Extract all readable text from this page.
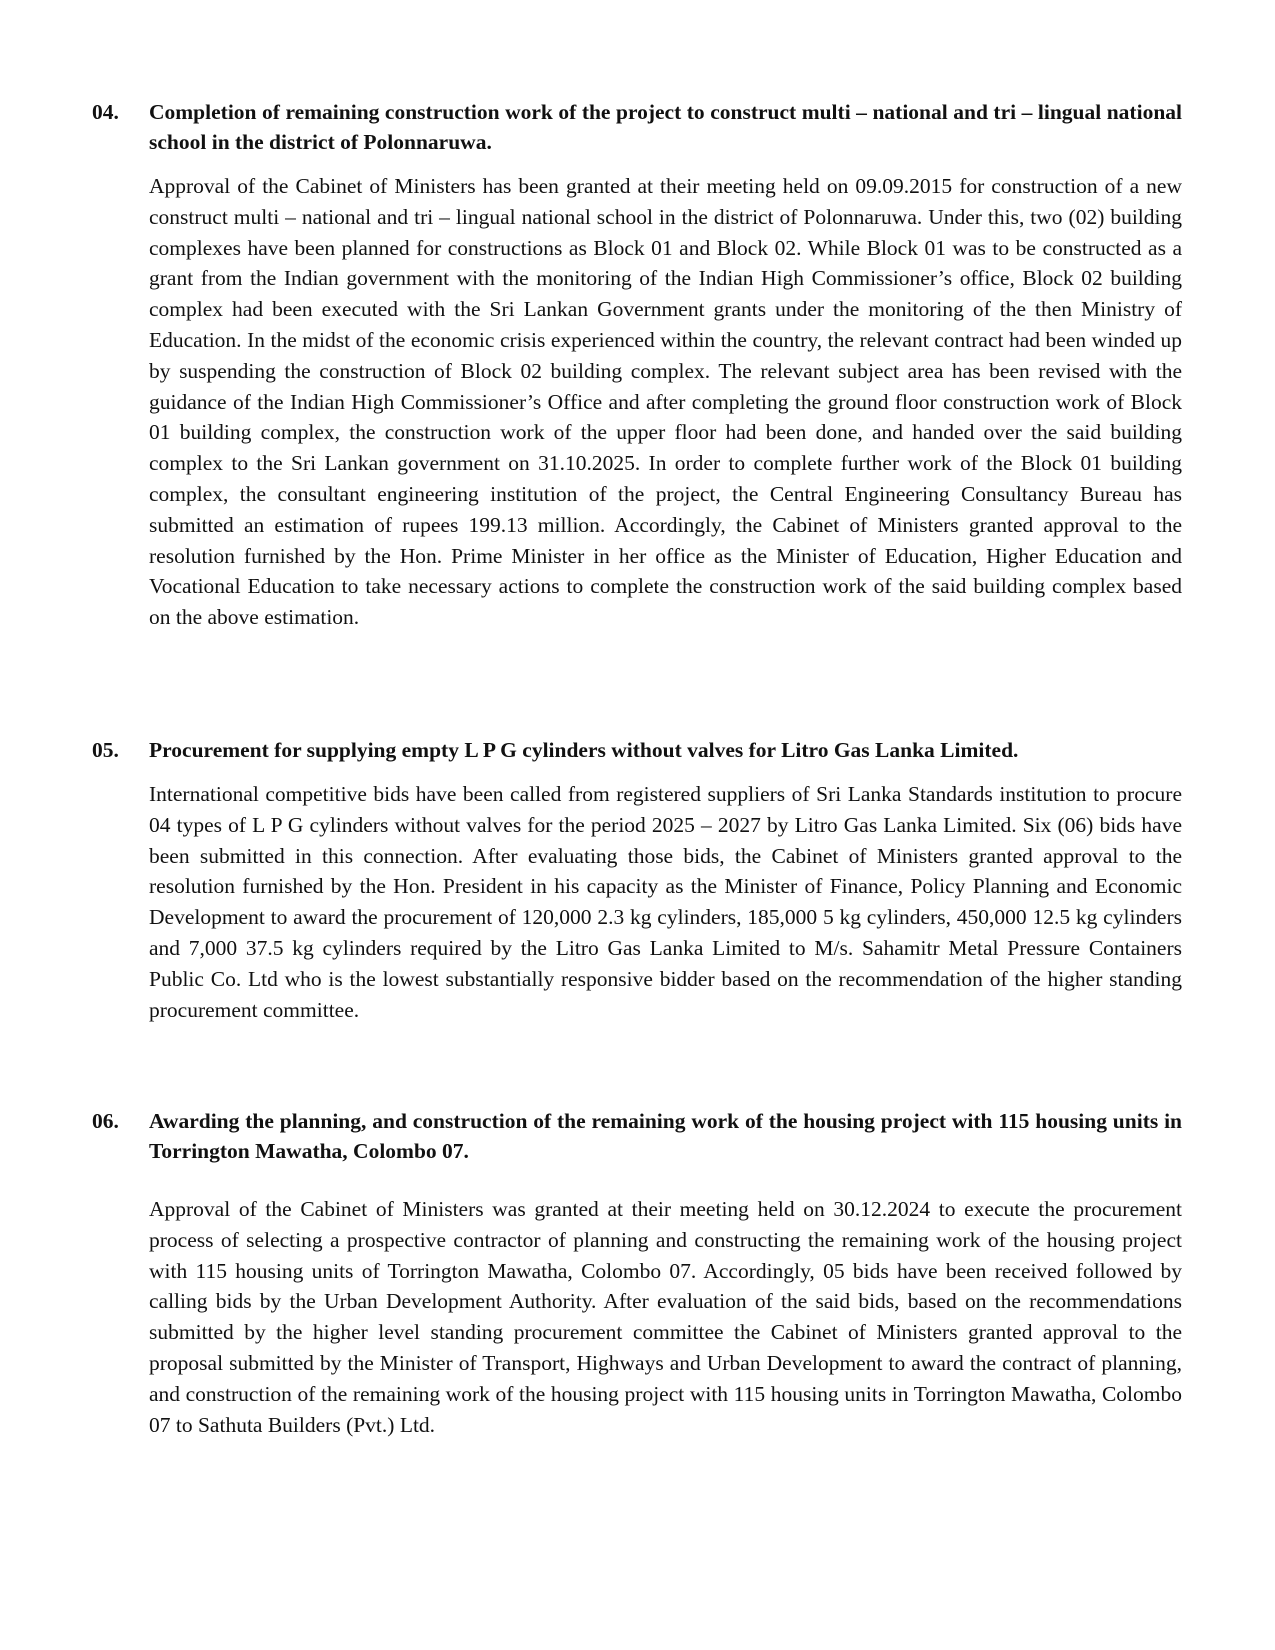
04.	Completion of remaining construction work of the project to construct multi – national and tri – lingual national school in the district of Polonnaruwa.
Approval of the Cabinet of Ministers has been granted at their meeting held on 09.09.2015 for construction of a new construct multi – national and tri – lingual national school in the district of Polonnaruwa. Under this, two (02) building complexes have been planned for constructions as Block 01 and Block 02. While Block 01 was to be constructed as a grant from the Indian government with the monitoring of the Indian High Commissioner’s office, Block 02 building complex had been executed with the Sri Lankan Government grants under the monitoring of the then Ministry of Education. In the midst of the economic crisis experienced within the country, the relevant contract had been winded up by suspending the construction of Block 02 building complex. The relevant subject area has been revised with the guidance of the Indian High Commissioner’s Office and after completing the ground floor construction work of Block 01 building complex, the construction work of the upper floor had been done, and handed over the said building complex to the Sri Lankan government on 31.10.2025. In order to complete further work of the Block 01 building complex, the consultant engineering institution of the project, the Central Engineering Consultancy Bureau has submitted an estimation of rupees 199.13 million. Accordingly, the Cabinet of Ministers granted approval to the resolution furnished by the Hon. Prime Minister in her office as the Minister of Education, Higher Education and Vocational Education to take necessary actions to complete the construction work of the said building complex based on the above estimation.
05.	Procurement for supplying empty L P G cylinders without valves for Litro Gas Lanka Limited.
International competitive bids have been called from registered suppliers of Sri Lanka Standards institution to procure 04 types of L P G cylinders without valves for the period 2025 – 2027 by Litro Gas Lanka Limited. Six (06) bids have been submitted in this connection. After evaluating those bids, the Cabinet of Ministers granted approval to the resolution furnished by the Hon. President in his capacity as the Minister of Finance, Policy Planning and Economic Development to award the procurement of 120,000 2.3 kg cylinders, 185,000 5 kg cylinders, 450,000 12.5 kg cylinders and 7,000 37.5 kg cylinders required by the Litro Gas Lanka Limited to M/s. Sahamitr Metal Pressure Containers Public Co. Ltd who is the lowest substantially responsive bidder based on the recommendation of the higher standing procurement committee.
06.	Awarding the planning, and construction of the remaining work of the housing project with 115 housing units in Torrington Mawatha, Colombo 07.
Approval of the Cabinet of Ministers was granted at their meeting held on 30.12.2024 to execute the procurement process of selecting a prospective contractor of planning and constructing the remaining work of the housing project with 115 housing units of Torrington Mawatha, Colombo 07. Accordingly, 05 bids have been received followed by calling bids by the Urban Development Authority. After evaluation of the said bids, based on the recommendations submitted by the higher level standing procurement committee the Cabinet of Ministers granted approval to the proposal submitted by the Minister of Transport, Highways and Urban Development to award the contract of planning, and construction of the remaining work of the housing project with 115 housing units in Torrington Mawatha, Colombo 07 to Sathuta Builders (Pvt.) Ltd.
